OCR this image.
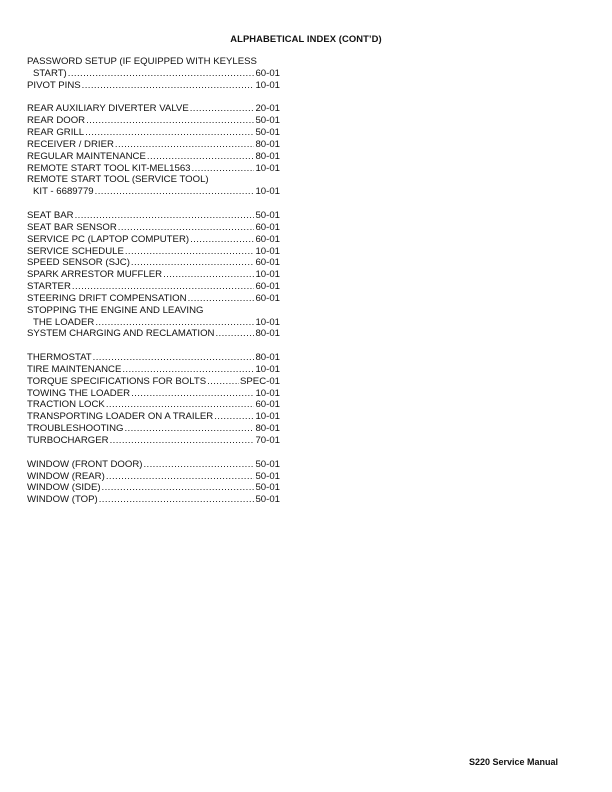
ALPHABETICAL INDEX (CONT’D)
PASSWORD SETUP (IF EQUIPPED WITH KEYLESS
START) .....	60-01
PIVOT PINS .....	10-01
REAR AUXILIARY DIVERTER VALVE .....	20-01
REAR DOOR .....	50-01
REAR GRILL .....	50-01
RECEIVER / DRIER .....	80-01
REGULAR MAINTENANCE .....	80-01
REMOTE START TOOL KIT-MEL1563 .....	10-01
REMOTE START TOOL (SERVICE TOOL)
KIT - 6689779 .....	10-01
SEAT BAR .....	50-01
SEAT BAR SENSOR .....	60-01
SERVICE PC (LAPTOP COMPUTER) .....	60-01
SERVICE SCHEDULE .....	10-01
SPEED SENSOR (SJC) .....	60-01
SPARK ARRESTOR MUFFLER .....	10-01
STARTER .....	60-01
STEERING DRIFT COMPENSATION .....	60-01
STOPPING THE ENGINE AND LEAVING
THE LOADER .....	10-01
SYSTEM CHARGING AND RECLAMATION .....	80-01
THERMOSTAT .....	80-01
TIRE MAINTENANCE .....	10-01
TORQUE SPECIFICATIONS FOR BOLTS .....	SPEC-01
TOWING THE LOADER .....	10-01
TRACTION LOCK .....	60-01
TRANSPORTING LOADER ON A TRAILER .....	10-01
TROUBLESHOOTING .....	80-01
TURBOCHARGER .....	70-01
WINDOW (FRONT DOOR) .....	50-01
WINDOW (REAR) .....	50-01
WINDOW (SIDE) .....	50-01
WINDOW (TOP) .....	50-01
S220 Service Manual
